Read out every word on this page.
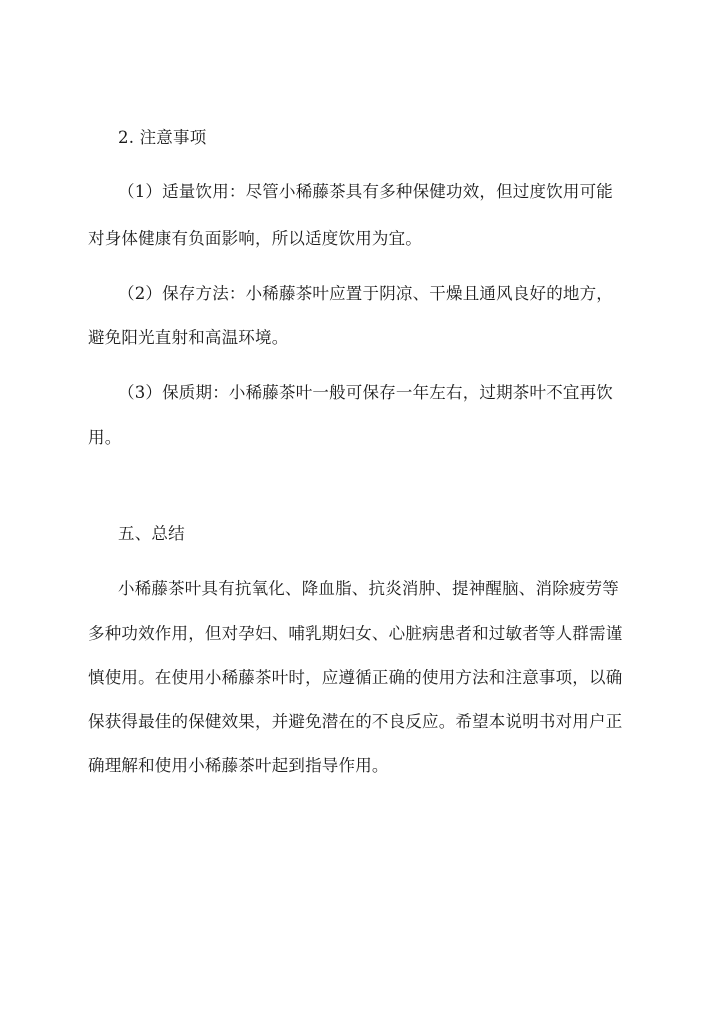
2. 注意事项
（1）适量饮用：尽管小稀藤茶具有多种保健功效，但过度饮用可能
对身体健康有负面影响，所以适度饮用为宜。
（2）保存方法：小稀藤茶叶应置于阴凉、干燥且通风良好的地方，
避免阳光直射和高温环境。
（3）保质期：小稀藤茶叶一般可保存一年左右，过期茶叶不宜再饮
用。
五、总结
小稀藤茶叶具有抗氧化、降血脂、抗炎消肿、提神醒脑、消除疲劳等
多种功效作用，但对孕妇、哺乳期妇女、心脏病患者和过敏者等人群需谨
慎使用。在使用小稀藤茶叶时，应遵循正确的使用方法和注意事项，以确
保获得最佳的保健效果，并避免潜在的不良反应。希望本说明书对用户正
确理解和使用小稀藤茶叶起到指导作用。
